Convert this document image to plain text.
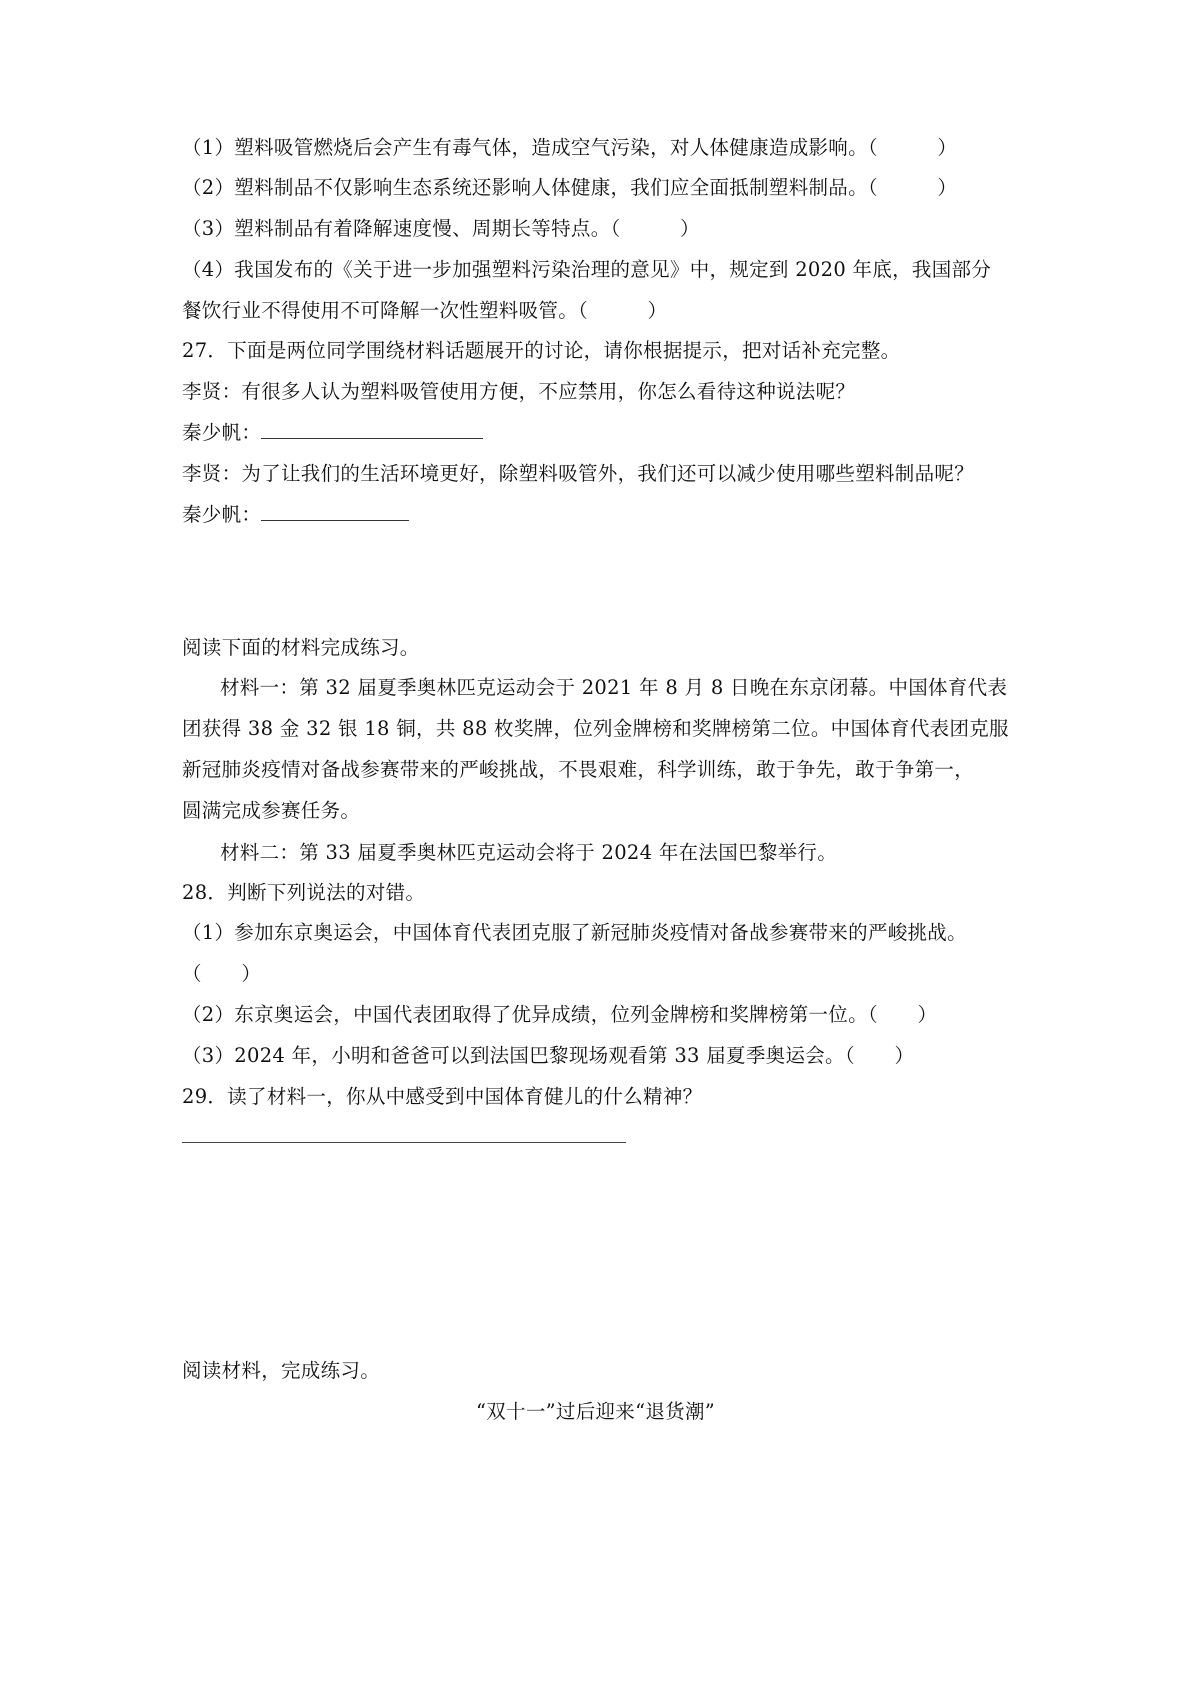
（1）塑料吸管燃烧后会产生有毒气体，造成空气污染，对人体健康造成影响。（　　　）
（2）塑料制品不仅影响生态系统还影响人体健康，我们应全面抵制塑料制品。（　　　）
（3）塑料制品有着降解速度慢、周期长等特点。（　　　）
（4）我国发布的《关于进一步加强塑料污染治理的意见》中，规定到 2020 年底，我国部分
餐饮行业不得使用不可降解一次性塑料吸管。（　　　）
27．下面是两位同学围绕材料话题展开的讨论，请你根据提示，把对话补充完整。
李贤：有很多人认为塑料吸管使用方便，不应禁用，你怎么看待这种说法呢？
秦少帆：
李贤：为了让我们的生活环境更好，除塑料吸管外，我们还可以减少使用哪些塑料制品呢？
秦少帆：
阅读下面的材料完成练习。
材料一：第 32 届夏季奥林匹克运动会于 2021 年 8 月 8 日晚在东京闭幕。中国体育代表
团获得 38 金 32 银 18 铜，共 88 枚奖牌，位列金牌榜和奖牌榜第二位。中国体育代表团克服
新冠肺炎疫情对备战参赛带来的严峻挑战，不畏艰难，科学训练，敢于争先，敢于争第一，
圆满完成参赛任务。
材料二：第 33 届夏季奥林匹克运动会将于 2024 年在法国巴黎举行。
28．判断下列说法的对错。
（1）参加东京奥运会，中国体育代表团克服了新冠肺炎疫情对备战参赛带来的严峻挑战。
（　　）
（2）东京奥运会，中国代表团取得了优异成绩，位列金牌榜和奖牌榜第一位。（　　）
（3）2024 年，小明和爸爸可以到法国巴黎现场观看第 33 届夏季奥运会。（　　）
29．读了材料一，你从中感受到中国体育健儿的什么精神？
阅读材料，完成练习。
“双十一”过后迎来“退货潮”
